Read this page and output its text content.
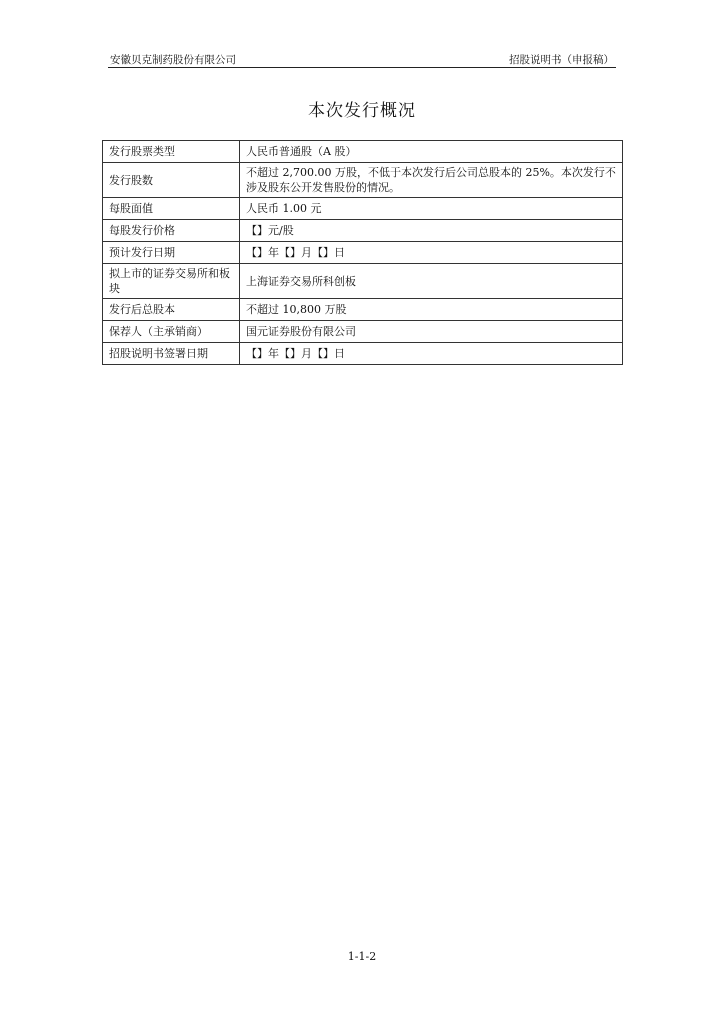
安徽贝克制药股份有限公司	招股说明书（申报稿）
本次发行概况
发行股票类型	人民币普通股（A 股）
发行股数	不超过 2,700.00 万股，不低于本次发行后公司总股本的 25%。本次发行不涉及股东公开发售股份的情况。
每股面值	人民币 1.00 元
每股发行价格	【】元/股
预计发行日期	【】年【】月【】日
拟上市的证券交易所和板块	上海证券交易所科创板
发行后总股本	不超过 10,800 万股
保荐人（主承销商）	国元证券股份有限公司
招股说明书签署日期	【】年【】月【】日
1-1-2
